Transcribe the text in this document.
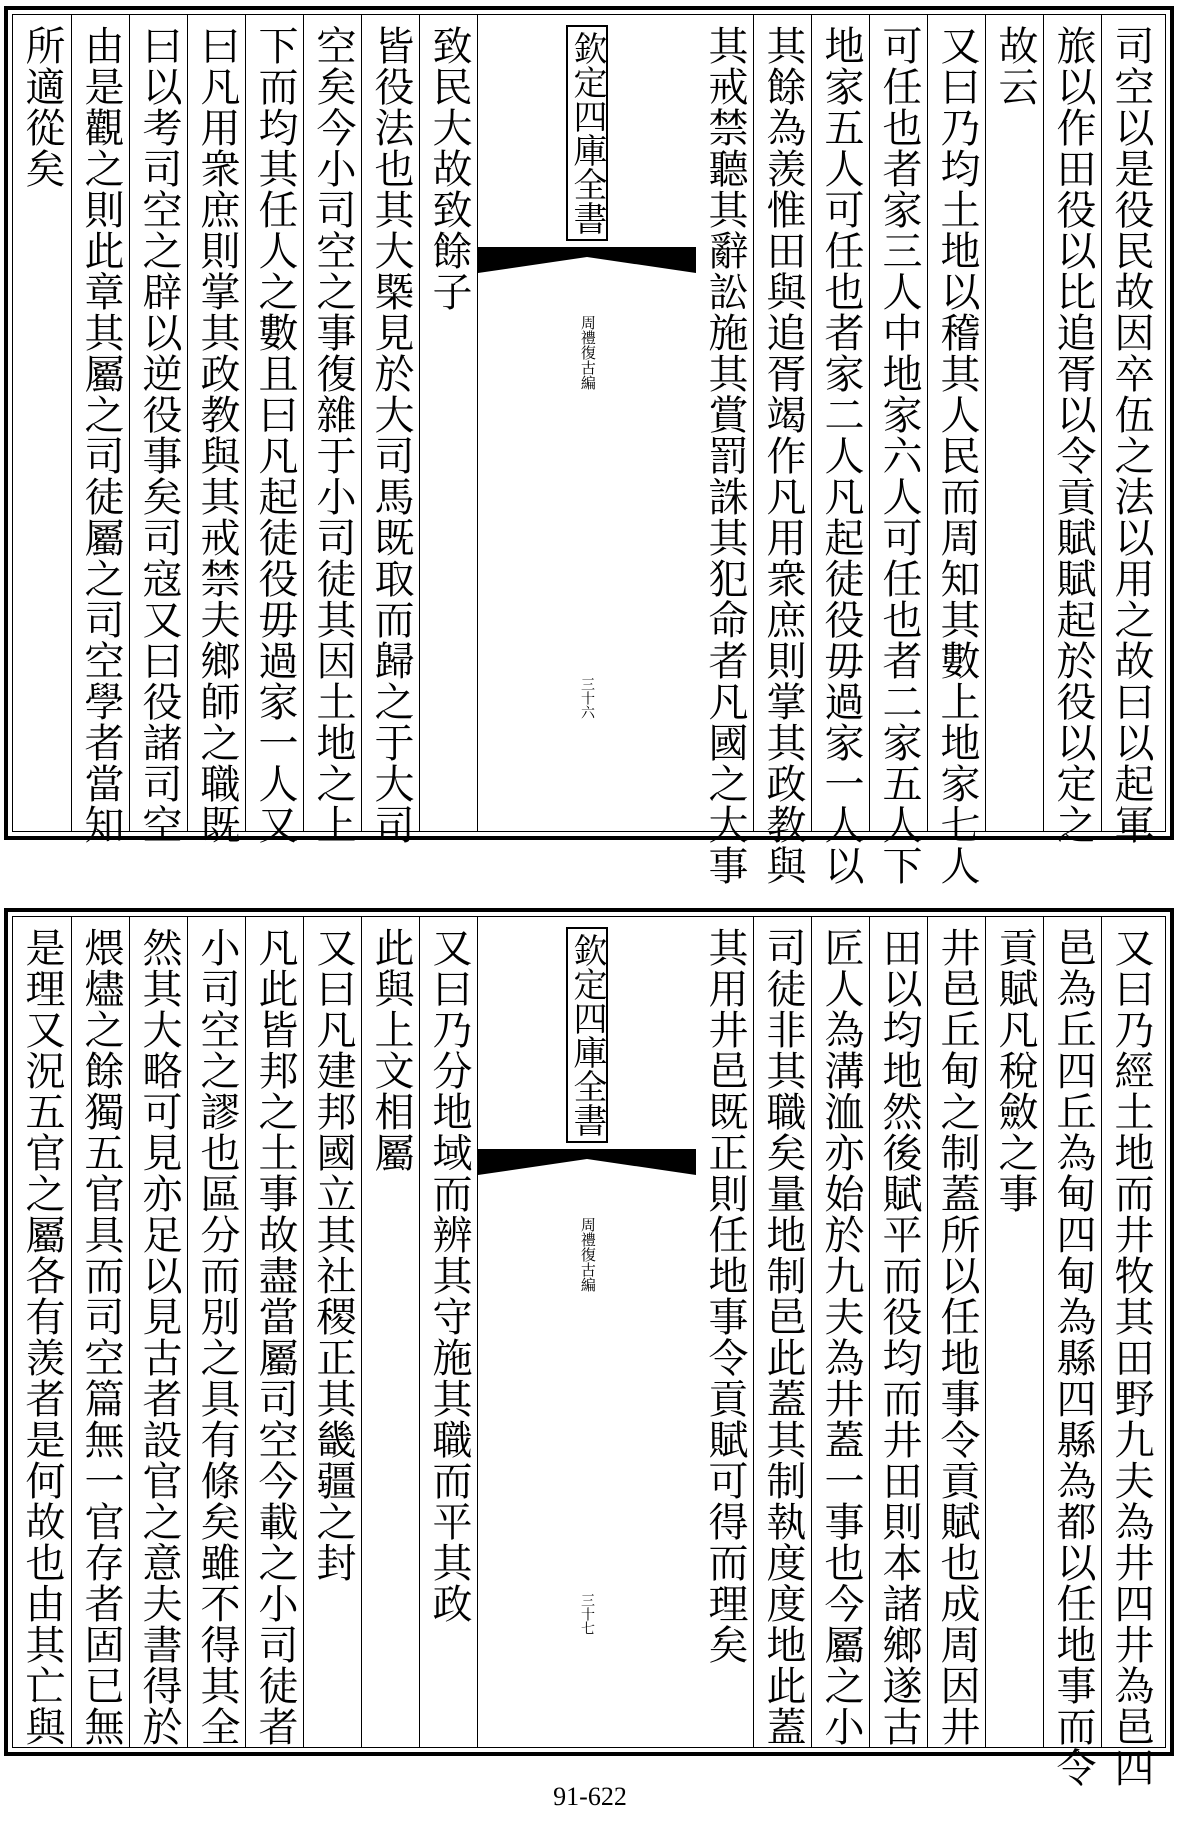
司空以是役民故因卒伍之法以用之故曰以起軍
旅以作田役以比追胥以令貢賦賦起於役以定之
故云
又曰乃均土地以稽其人民而周知其數上地家七人
可任也者家三人中地家六人可任也者二家五人下
地家五人可任也者家二人凡起徒役毋過家一人以
其餘為羡惟田與追胥竭作凡用衆庶則掌其政教與
其戒禁聽其辭訟施其賞罰誅其犯命者凡國之大事
欽定四庫全書
周禮復古編
三十六
致民大故致餘子
皆役法也其大槩見於大司馬既取而歸之于大司
空矣今小司空之事復雜于小司徒其因土地之上
下而均其任人之數且曰凡起徒役毋過家一人又
曰凡用衆庶則掌其政教與其戒禁夫鄉師之職既
曰以考司空之辟以逆役事矣司寇又曰役諸司空
由是觀之則此章其屬之司徒屬之司空學者當知
所適從矣
又曰乃經土地而井牧其田野九夫為井四井為邑四
邑為丘四丘為甸四甸為縣四縣為都以任地事而令
貢賦凡稅斂之事
井邑丘甸之制蓋所以任地事令貢賦也成周因井
田以均地然後賦平而役均而井田則本諸鄉遂古
匠人為溝洫亦始於九夫為井蓋一事也今屬之小
司徒非其職矣量地制邑此蓋其制執度度地此蓋
其用井邑既正則任地事令貢賦可得而理矣
欽定四庫全書
周禮復古編
三十七
又曰乃分地域而辨其守施其職而平其政
此與上文相屬
又曰凡建邦國立其社稷正其畿疆之封
凡此皆邦之土事故盡當屬司空今載之小司徒者
小司空之謬也區分而別之具有條矣雖不得其全
然其大略可見亦足以見古者設官之意夫書得於
煨燼之餘獨五官具而司空篇無一官存者固已無
是理又況五官之屬各有羡者是何故也由其亡與
91-622
